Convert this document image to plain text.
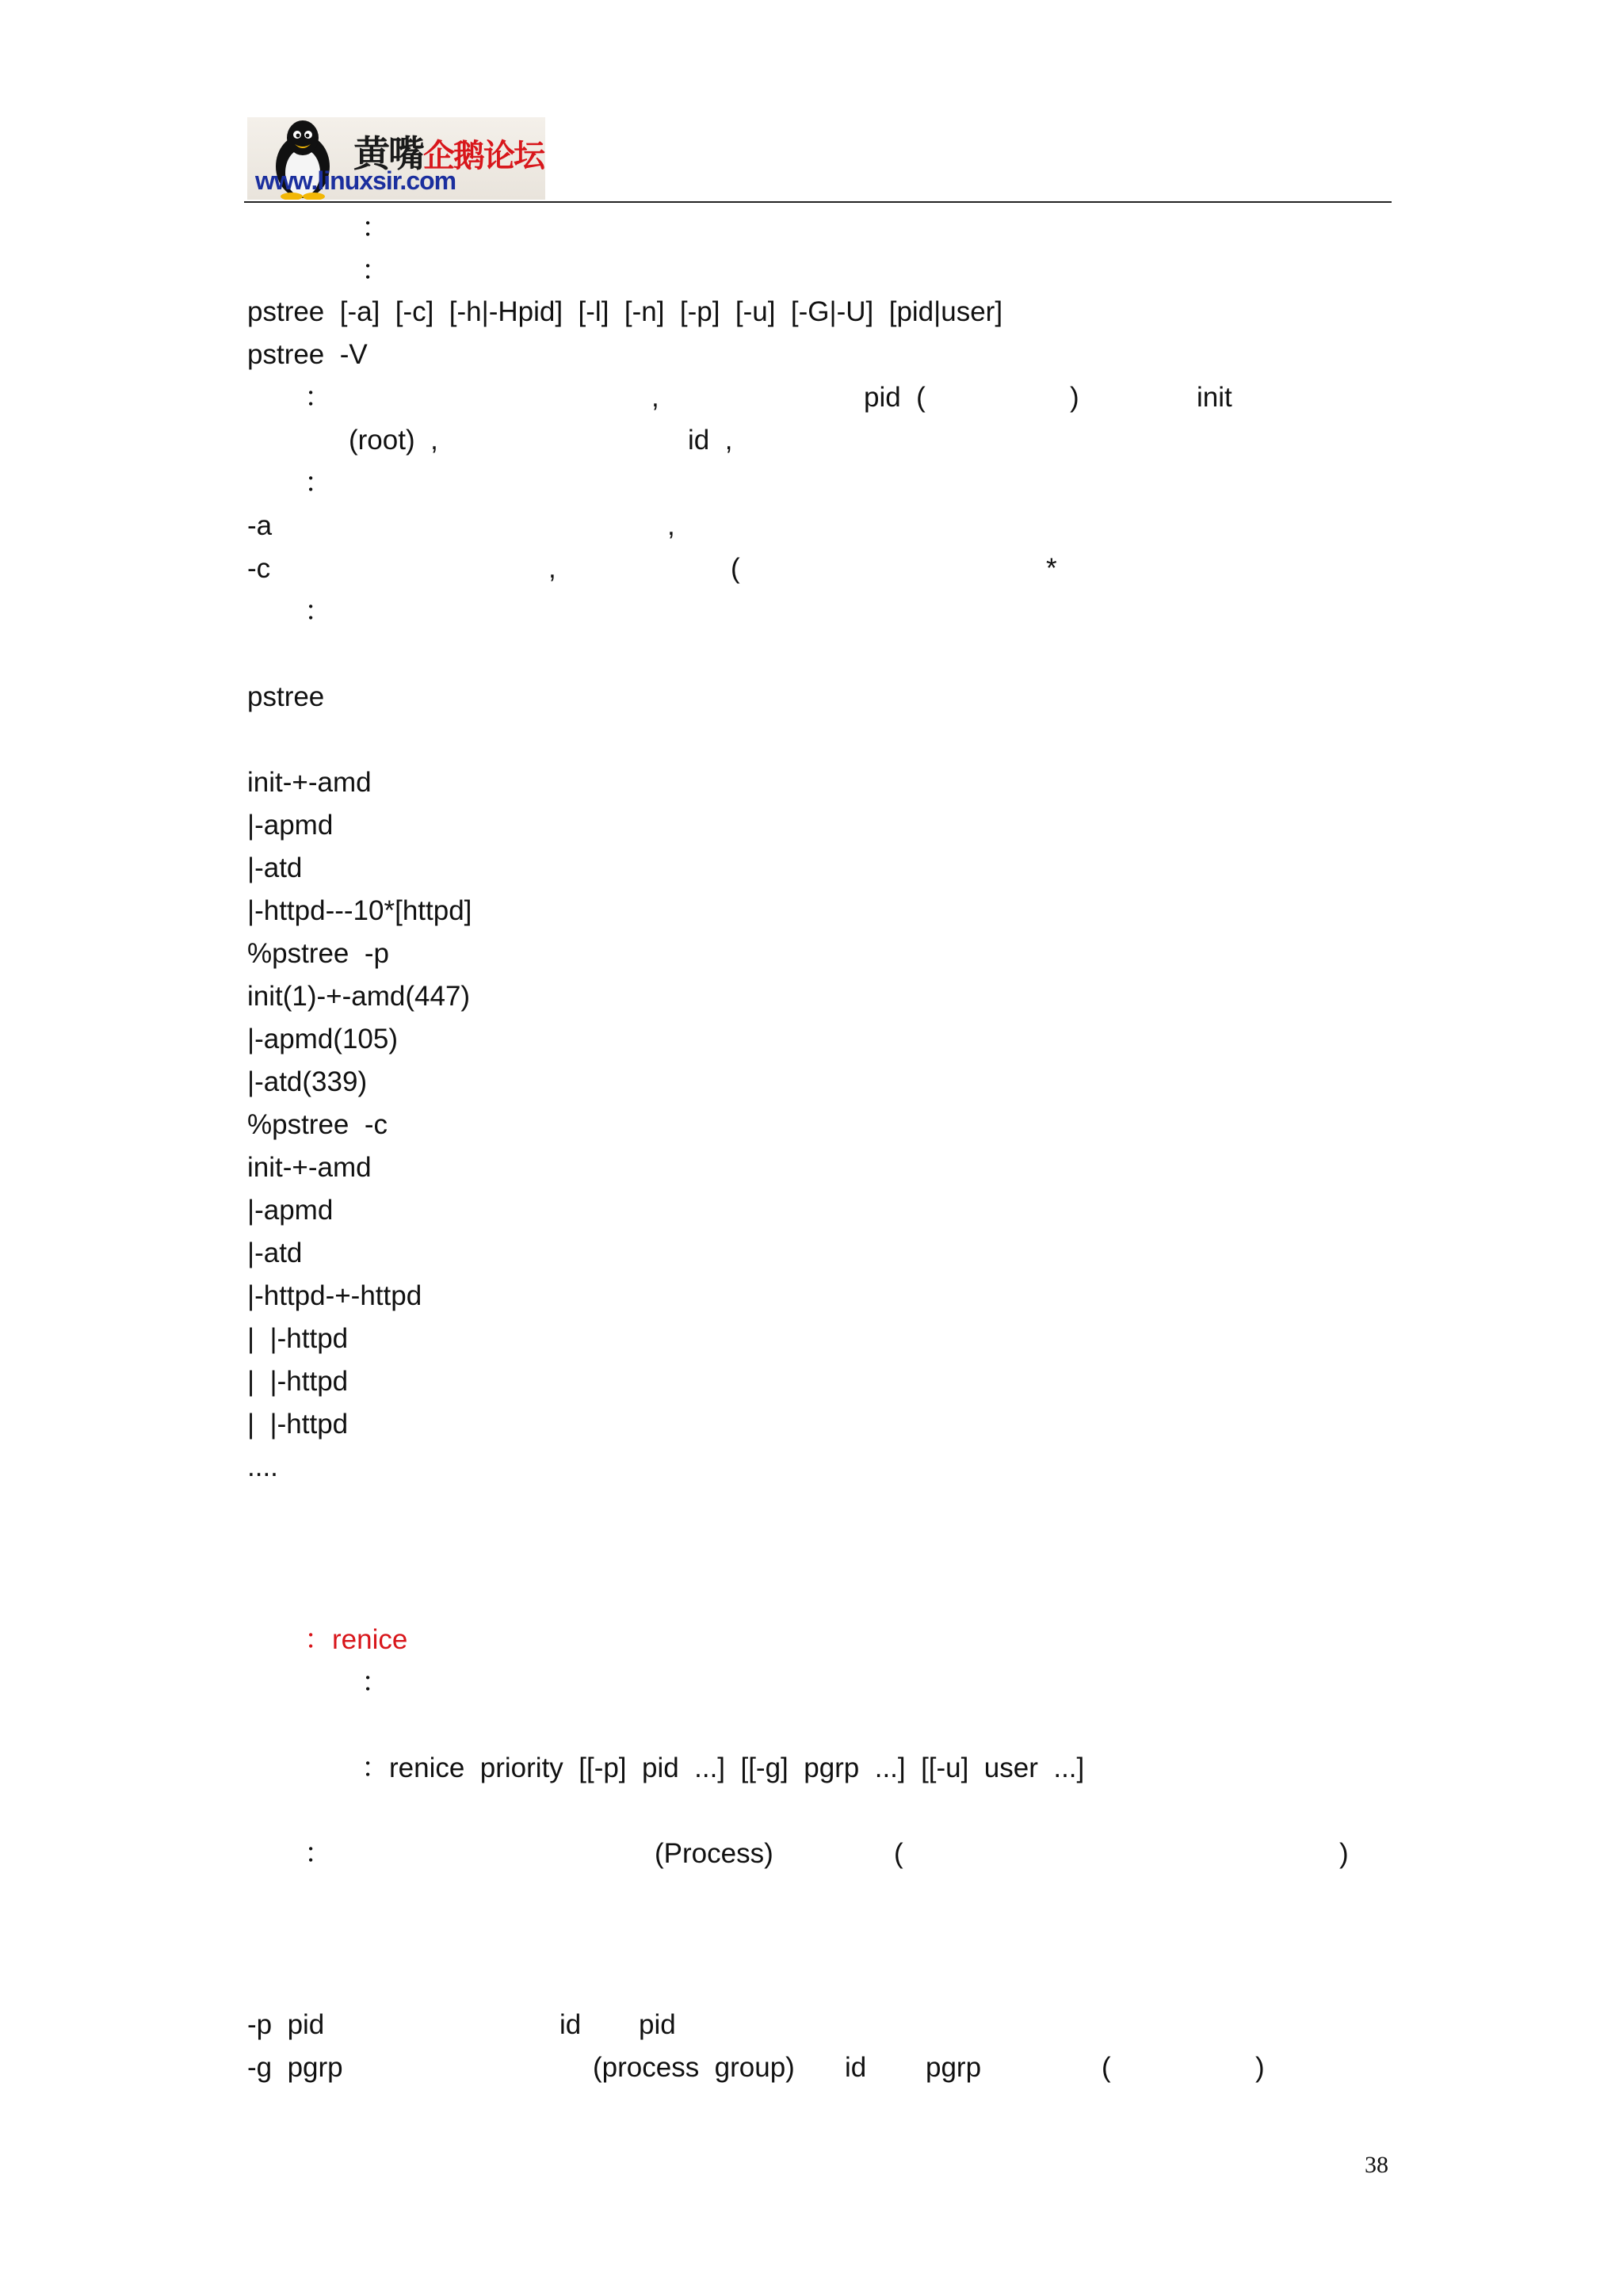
黄嘴企鹅论坛
www.linuxsir.com
：
：
pstree  [-a]  [-c]  [-h|-Hpid]  [-l]  [-n]  [-p]  [-u]  [-G|-U]  [pid|user]
pstree  -V
：	,	pid  (	)	init
(root)  ,	id  ,
：
-a	,
-c	,	(	*
：
pstree
init-+-amd
|-apmd
|-atd
|-httpd---10*[httpd]
%pstree  -p
init(1)-+-amd(447)
|-apmd(105)
|-atd(339)
%pstree  -c
init-+-amd
|-apmd
|-atd
|-httpd-+-httpd
|  |-httpd
|  |-httpd
|  |-httpd
....
：renice
：
：renice  priority  [[-p]  pid  ...]  [[-g]  pgrp  ...]  [[-u]  user  ...]
：	(Process)	(	)
-p  pid	id pid
-g  pgrp	(process  group) id pgrp	(	)
38
